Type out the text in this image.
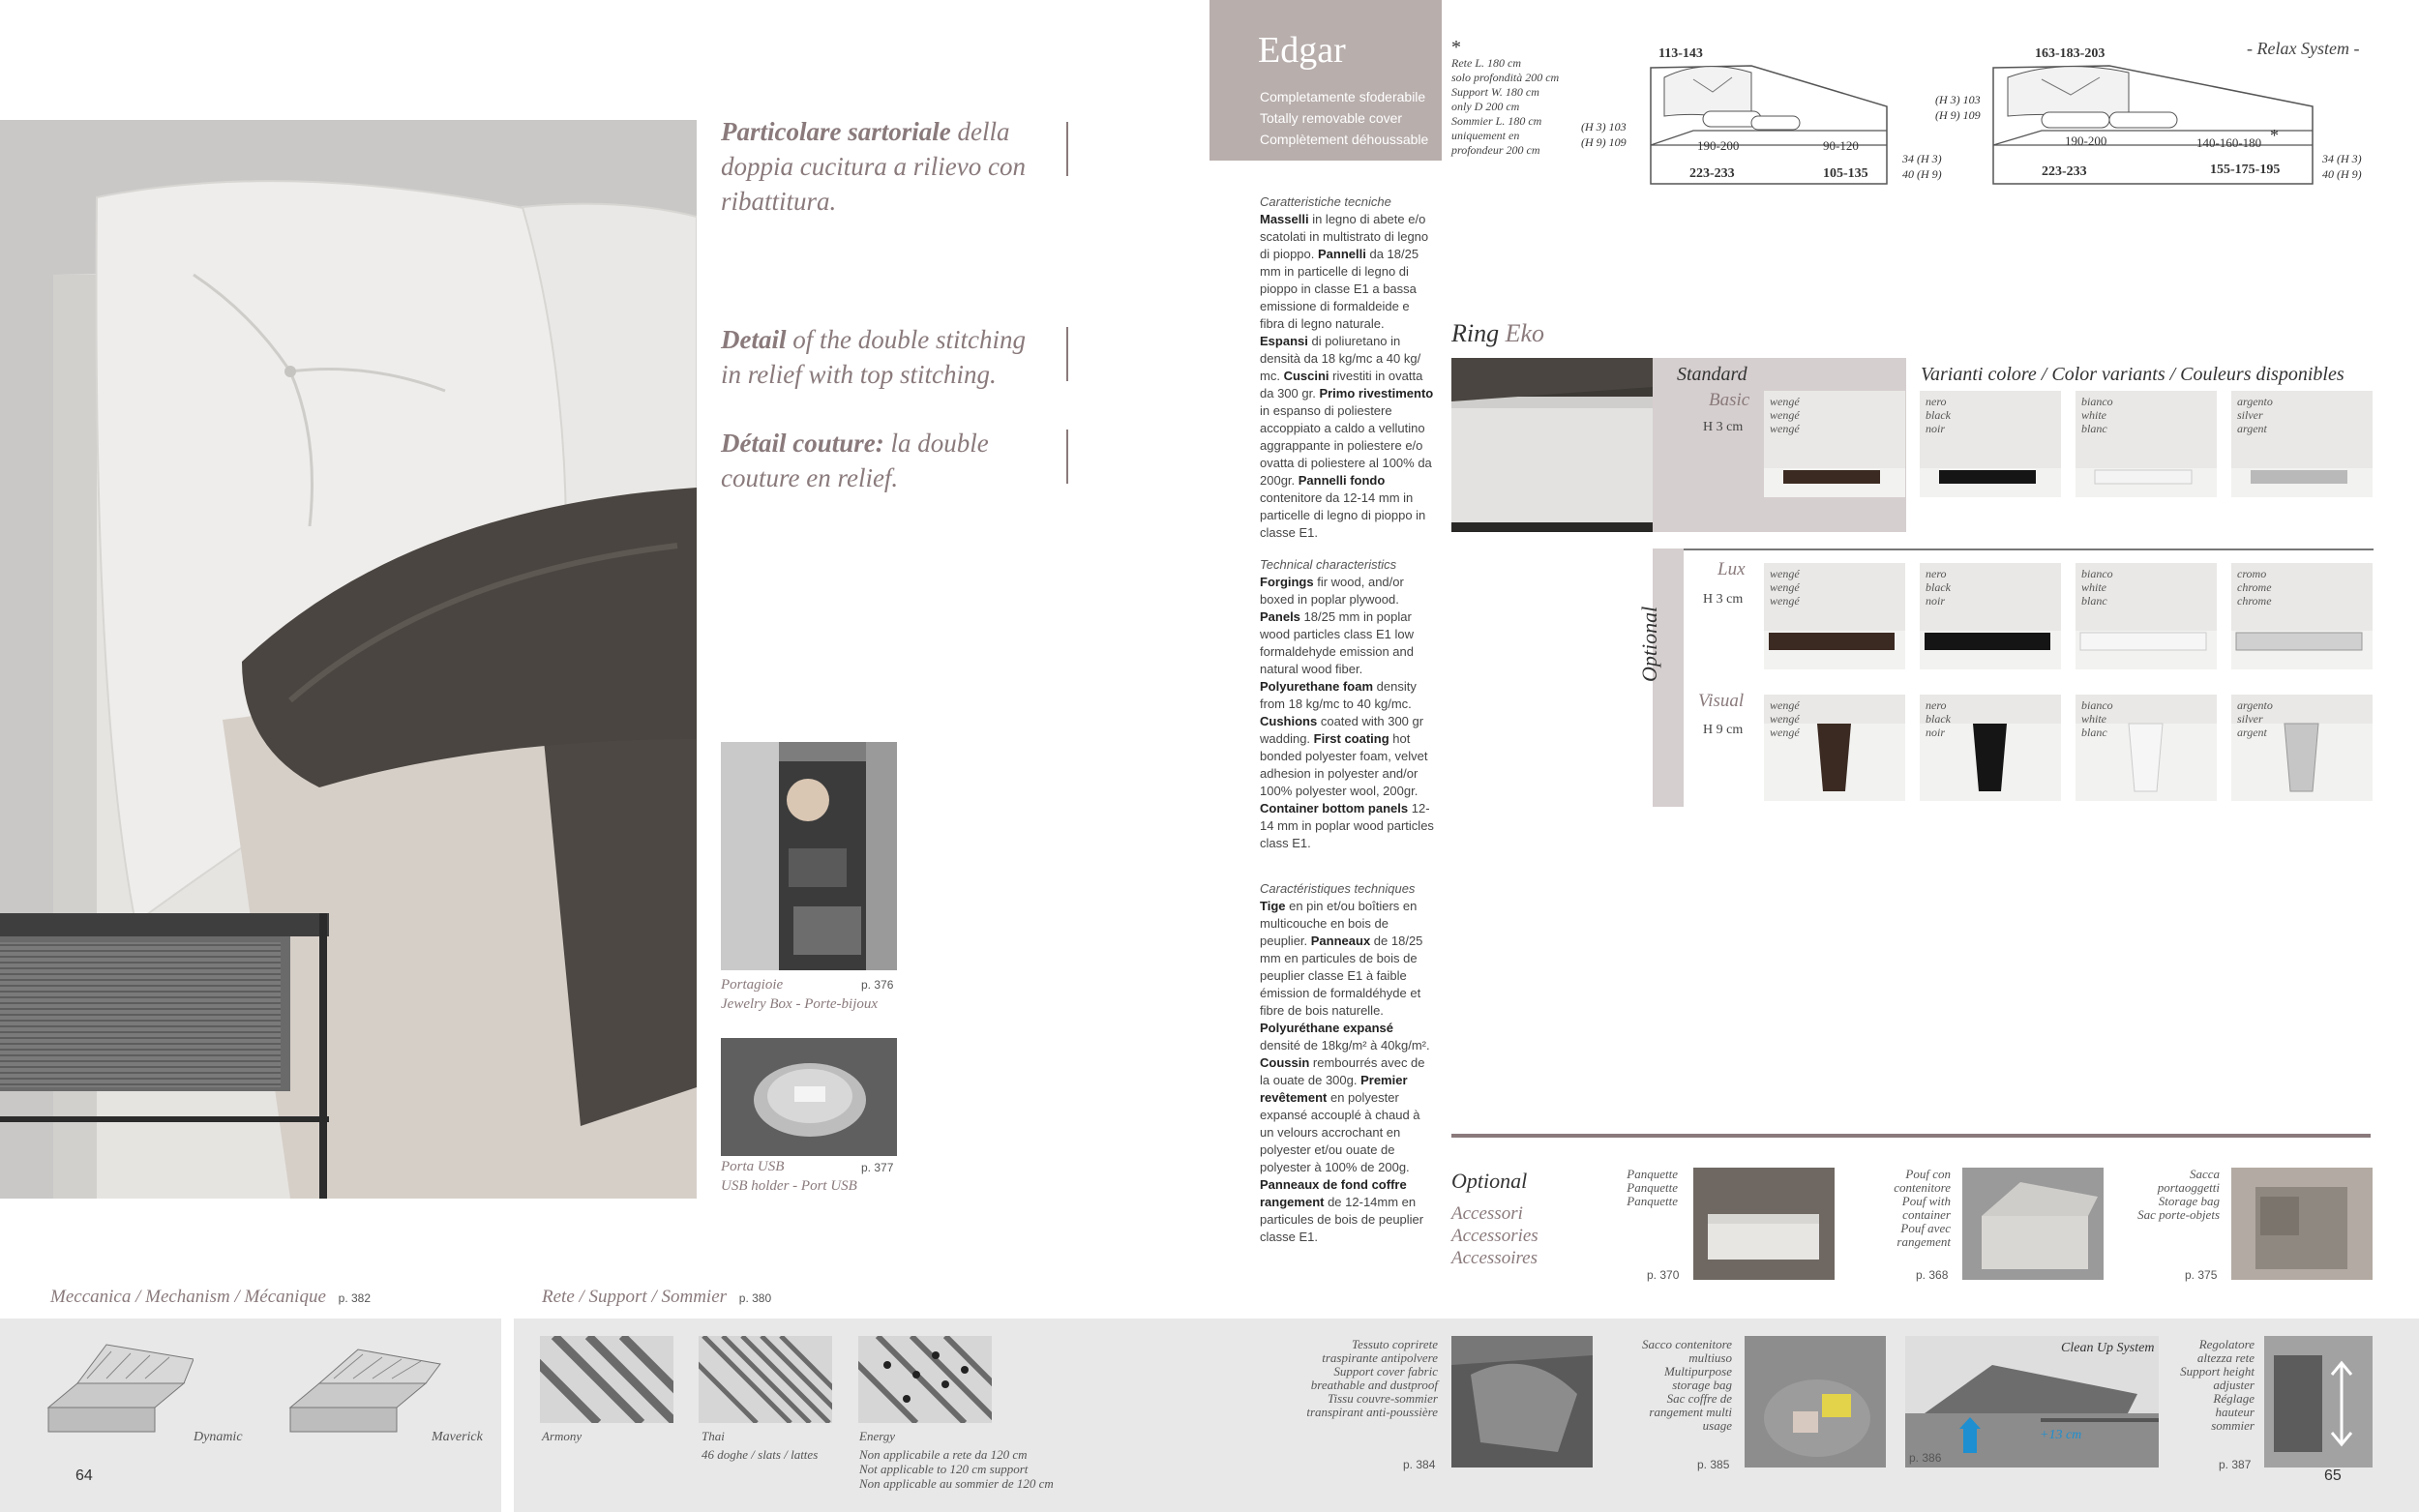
Particolare sartoriale della doppia cucitura a rilievo con ribattitura.
Detail of the double stitching in relief with top stitching.
Détail couture: la double couture en relief.
Portagioie	p. 376
Jewelry Box - Porte-bijoux
Porta USB	p. 377
USB holder - Port USB
Meccanica / Mechanism / Mécanique p. 382	Rete / Support / Sommier p. 380
Dynamic	Maverick	Armony	Thai
46 doghe / slats / lattes
Energy
Non applicabile a rete da 120 cm
Not applicable to 120 cm support
Non applicable au sommier de 120 cm
64
Edgar
Completamente sfoderabile
Totally removable cover
Complètement déhoussable
*
Rete L. 180 cm
solo profondità 200 cm
Support W. 180 cm
only D 200 cm
Sommier L. 180 cm
uniquement en
profondeur 200 cm
113-143
(H 3) 103
(H 9) 109	190-200	90-120
223-233	105-135
34 (H 3)
40 (H 9)
163-183-203
(H 3) 103
(H 9) 109
190-200	140-160-180 *
223-233	155-175-195
34 (H 3)
40 (H 9)
- Relax System -

Caratteristiche tecniche

Masselli in legno di abete e/o scatolati in multistrato di legno di pioppo. Pannelli da 18/25 mm in particelle di legno di pioppo in classe E1 a bassa emissione di formaldeide e fibra di legno naturale. Espansi di poliuretano in densità da 18 kg/mc a 40 kg/ mc. Cuscini rivestiti in ovatta da 300 gr. Primo rivestimento in espanso di poliestere accoppiato a caldo a vellutino aggrappante in poliestere e/o ovatta di poliestere al 100% da 200gr. Pannelli fondo contenitore da 12-14 mm in particelle di legno di pioppo in classe E1.

Technical characteristics

Forgings fir wood, and/or boxed in poplar plywood. Panels 18/25 mm in poplar wood particles class E1 low formaldehyde emission and natural wood fiber. Polyurethane foam density from 18 kg/mc to 40 kg/mc. Cushions coated with 300 gr wadding. First coating hot bonded polyester foam, velvet adhesion in polyester and/or 100% polyester wool, 200gr. Container bottom panels 12-14 mm in poplar wood particles class E1.

Caractéristiques techniques

Tige en pin et/ou boîtiers en multicouche en bois de peuplier. Panneaux de 18/25 mm en particules de bois de peuplier classe E1 à faible émission de formaldéhyde et fibre de bois naturelle. Polyuréthane expansé densité de 18kg/m² à 40kg/m². Coussin rembourrés avec de la ouate de 300g. Premier revêtement en polyester expansé accouplé à chaud à un velours accrochant en polyester et/ou ouate de polyester à 100% de 200g. Panneaux de fond coffre rangement de 12-14mm en particules de bois de peuplier classe E1.

Ring Eko
Standard
Basic
H 3 cm
Varianti colore / Color variants / Couleurs disponibles
wengé
wengé
wengé
nero
black
noir
bianco
white
blanc
argento
silver
argent
Optional
Lux
H 3 cm
Visual
H 9 cm
wengé
wengé
wengé
nero
black
noir
bianco
white
blanc
cromo
chrome
chrome
wengé
wengé
wengé
nero
black
noir
bianco
white
blanc
argento
silver
argent
Optional
Accessori
Accessories
Accessoires
Panquette
Panquette
Panquette
p. 370
Pouf con
contenitore
Pouf with
container
Pouf avec
rangement
p. 368
Sacca
portaoggetti
Storage bag
Sac porte-objets
p. 375
Tessuto coprirete
traspirante antipolvere
Support cover fabric
breathable and dustproof
Tissu couvre-sommier
transpirant anti-poussière
p. 384
Sacco contenitore
multiuso
Multipurpose
storage bag
Sac coffre de
rangement multi
usage
p. 385
Clean Up System
+13 cm
p. 386
Regolatore
altezza rete
Support height
adjuster
Réglage
hauteur
sommier
p. 387
65
